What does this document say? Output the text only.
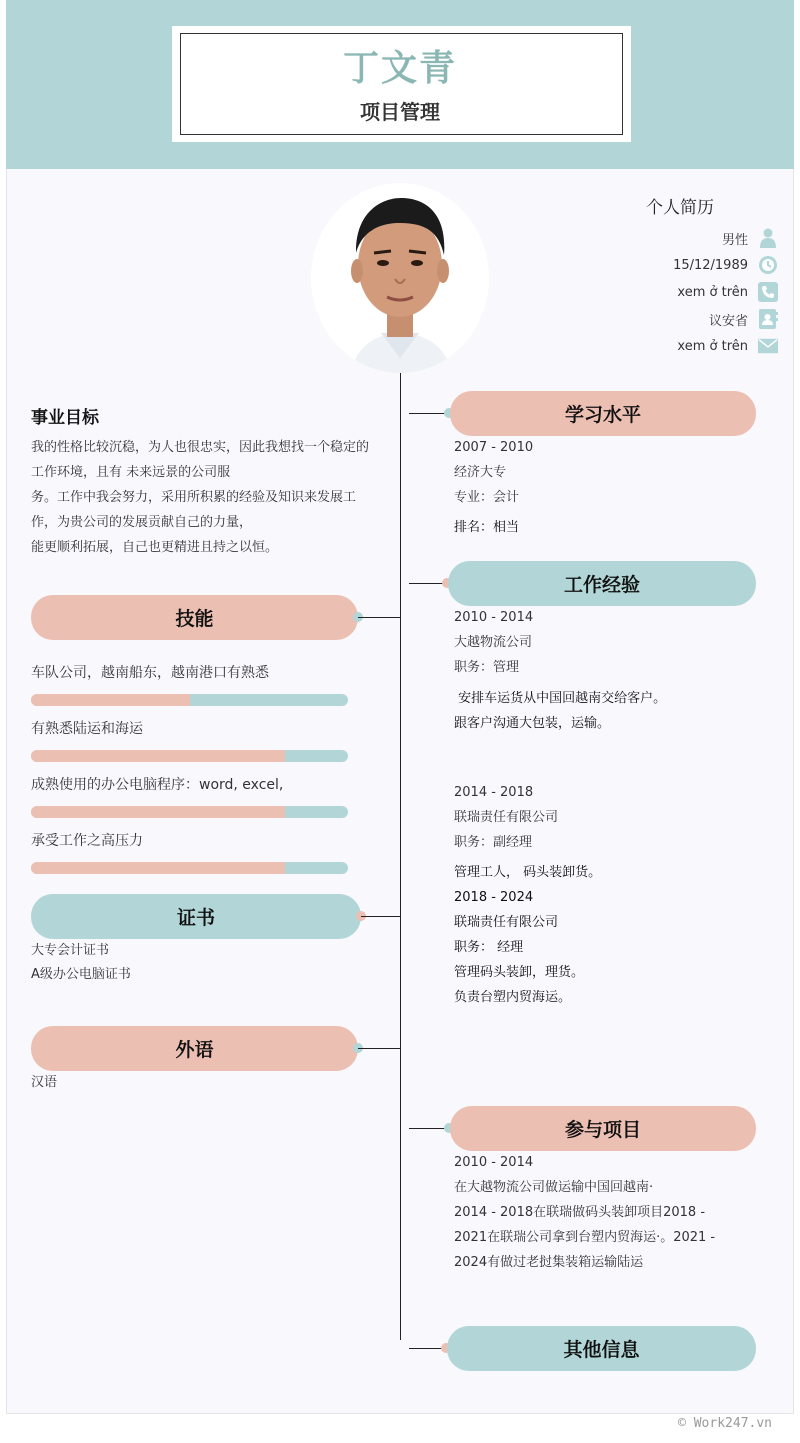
丁文青
项目管理
个人简历
男性
15/12/1989
xem ở trên
议安省
xem ở trên
事业目标
我的性格比较沉稳，为人也很忠实，因此我想找一个稳定的
工作环境，且有 未来远景的公司服
务。工作中我会努力，采用所积累的经验及知识来发展工
作，为贵公司的发展贡献自己的力量，
能更顺利拓展，自己也更精进且持之以恒。
技能
车队公司，越南船东，越南港口有熟悉
有熟悉陆运和海运
成熟使用的办公电脑程序：word, excel,
承受工作之高压力
证书
大专会计证书
A级办公电脑证书
外语
汉语
学习水平
2007 - 2010
经济大专
专业：会计
排名：相当
工作经验
2010 - 2014
大越物流公司
职务：管理
安排车运货从中国回越南交给客户。
跟客户沟通大包装，运输。
2014 - 2018
联瑞责任有限公司
职务：副经理
管理工人， 码头装卸货。
2018 - 2024
联瑞责任有限公司
职务： 经理
管理码头装卸，理货。
负责台塑内贸海运。
参与项目
2010 - 2014
在大越物流公司做运输中国回越南·
2014 - 2018在联瑞做码头装卸项目2018 -
2021在联瑞公司拿到台塑内贸海运·。2021 -
2024有做过老挝集装箱运输陆运
其他信息
© Work247.vn
